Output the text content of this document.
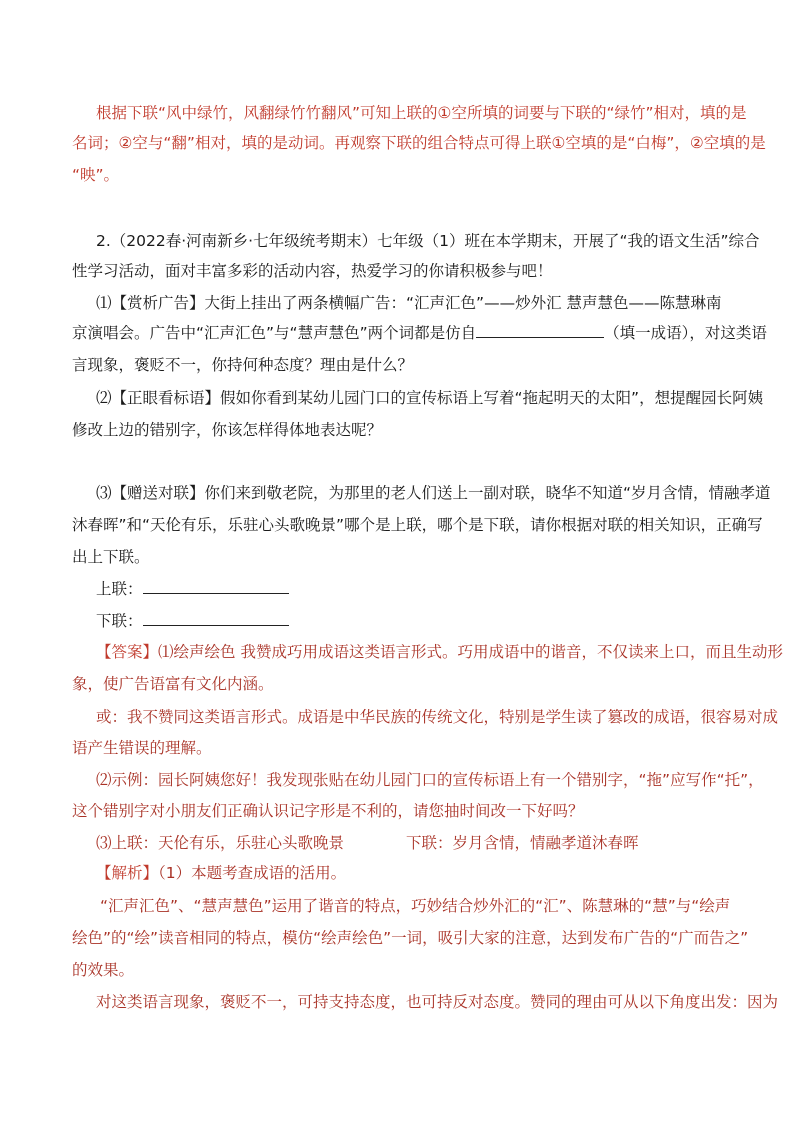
根据下联“风中绿竹，风翻绿竹竹翻风”可知上联的①空所填的词要与下联的“绿竹”相对，填的是
名词；②空与“翻”相对，填的是动词。再观察下联的组合特点可得上联①空填的是“白梅”，②空填的是
“映”。
2.（2022春·河南新乡·七年级统考期末）七年级（1）班在本学期末，开展了“我的语文生活”综合
性学习活动，面对丰富多彩的活动内容，热爱学习的你请积极参与吧！
⑴【赏析广告】大街上挂出了两条横幅广告：“汇声汇色”——炒外汇 慧声慧色——陈慧琳南
京演唱会。广告中“汇声汇色”与“慧声慧色”两个词都是仿自	（填一成语），对这类语
言现象，褒贬不一，你持何种态度？理由是什么？
⑵【正眼看标语】假如你看到某幼儿园门口的宣传标语上写着“拖起明天的太阳”，想提醒园长阿姨
修改上边的错别字，你该怎样得体地表达呢？
⑶【赠送对联】你们来到敬老院，为那里的老人们送上一副对联，晓华不知道“岁月含情，情融孝道
沐春晖”和“天伦有乐，乐驻心头歌晚景”哪个是上联，哪个是下联，请你根据对联的相关知识，正确写
出上下联。
上联：
下联：
【答案】⑴绘声绘色 我赞成巧用成语这类语言形式。巧用成语中的谐音，不仅读来上口，而且生动形
象，使广告语富有文化内涵。
或：我不赞同这类语言形式。成语是中华民族的传统文化，特别是学生读了篡改的成语，很容易对成
语产生错误的理解。
⑵示例：园长阿姨您好！我发现张贴在幼儿园门口的宣传标语上有一个错别字，“拖”应写作“托”，
这个错别字对小朋友们正确认识记字形是不利的，请您抽时间改一下好吗？
⑶上联：天伦有乐，乐驻心头歌晚景	下联：岁月含情，情融孝道沐春晖
【解析】（1）本题考查成语的活用。
“汇声汇色”、“慧声慧色”运用了谐音的特点，巧妙结合炒外汇的“汇”、陈慧琳的“慧”与“绘声
绘色”的“绘”读音相同的特点，模仿“绘声绘色”一词，吸引大家的注意，达到发布广告的“广而告之”
的效果。
对这类语言现象，褒贬不一，可持支持态度，也可持反对态度。赞同的理由可从以下角度出发：因为
